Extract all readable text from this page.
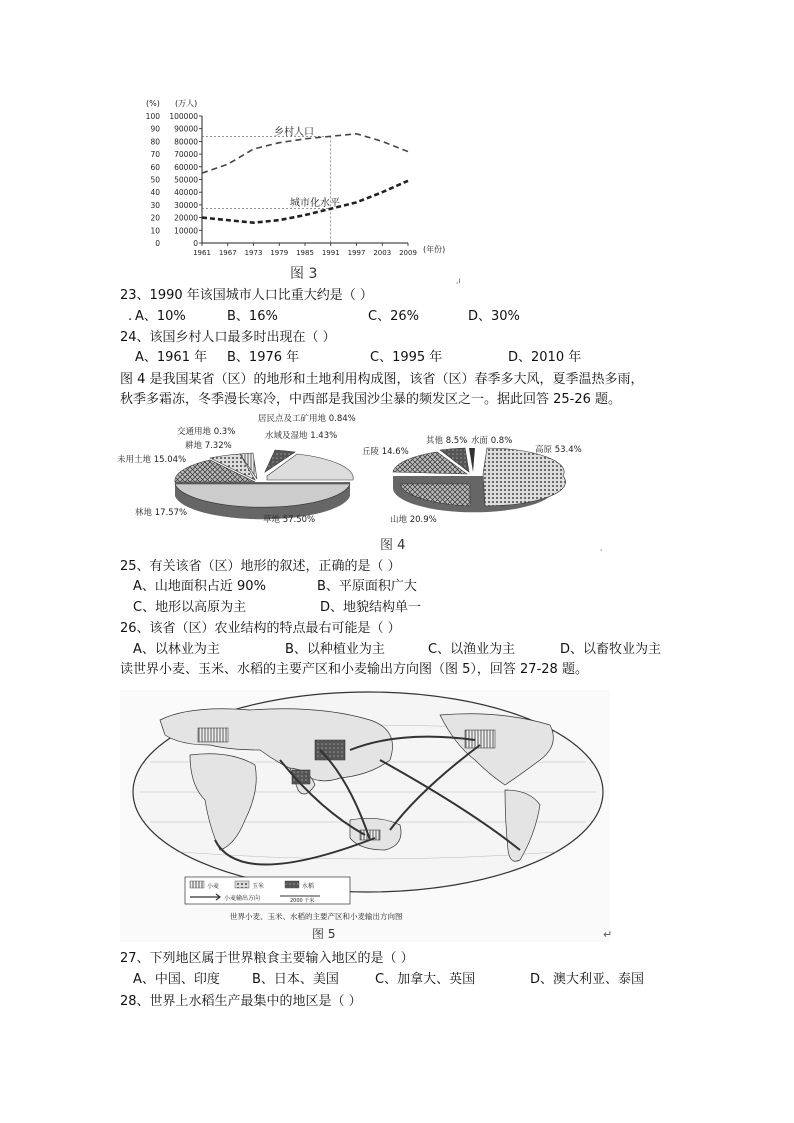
(%) (万人)
100
90
80
70
60
50
40
30
20
10
0
100000
90000
80000
70000
60000
50000
40000
30000
20000
10000
0
1961 1967 1973 1979 1985 1991 1997 2003 2009 (年份)
乡村人口
城市化水平
图 3	ˌı
23、1990 年该国城市人口比重大约是（ ）
. A、10%	B、16%	C、26%	D、30%
24、该国乡村人口最多时出现在（ ）
A、1961 年 B、1976 年	C、1995 年	D、2010 年
图 4 是我国某省（区）的地形和土地利用构成图，该省（区）春季多大风，夏季温热多雨，
秋季多霜冻，冬季漫长寒冷，中西部是我国沙尘暴的频发区之一。据此回答 25-26 题。
交通用地 0.3%
居民点及工矿用地 0.84%
水域及湿地 1.43%
耕地 7.32%
未用土地 15.04%
林地 17.57%
草地 57.50%
丘陵 14.6%
其他 8.5% 水面 0.8%
高原 53.4%
山地 20.9%
图 4	ˌ
25、有关该省（区）地形的叙述，正确的是（ ）
A、山地面积占近 90%	B、平原面积广大
C、地形以高原为主	D、地貌结构单一
26、该省（区）农业结构的特点最右可能是（ ）
A、以林业为主	B、以种植业为主	C、以渔业为主	D、以畜牧业为主
读世界小麦、玉米、水稻的主要产区和小麦输出方向图（图 5），回答 27-28 题。
小麦	玉米	水稻
小麦输出方向	2000 千米
世界小麦、玉米、水稻的主要产区和小麦输出方向图
图 5	↵
27、下列地区属于世界粮食主要输入地区的是（ ）
A、中国、印度 B、日本、美国	C、加拿大、英国	D、澳大利亚、泰国
28、世界上水稻生产最集中的地区是（ ）
